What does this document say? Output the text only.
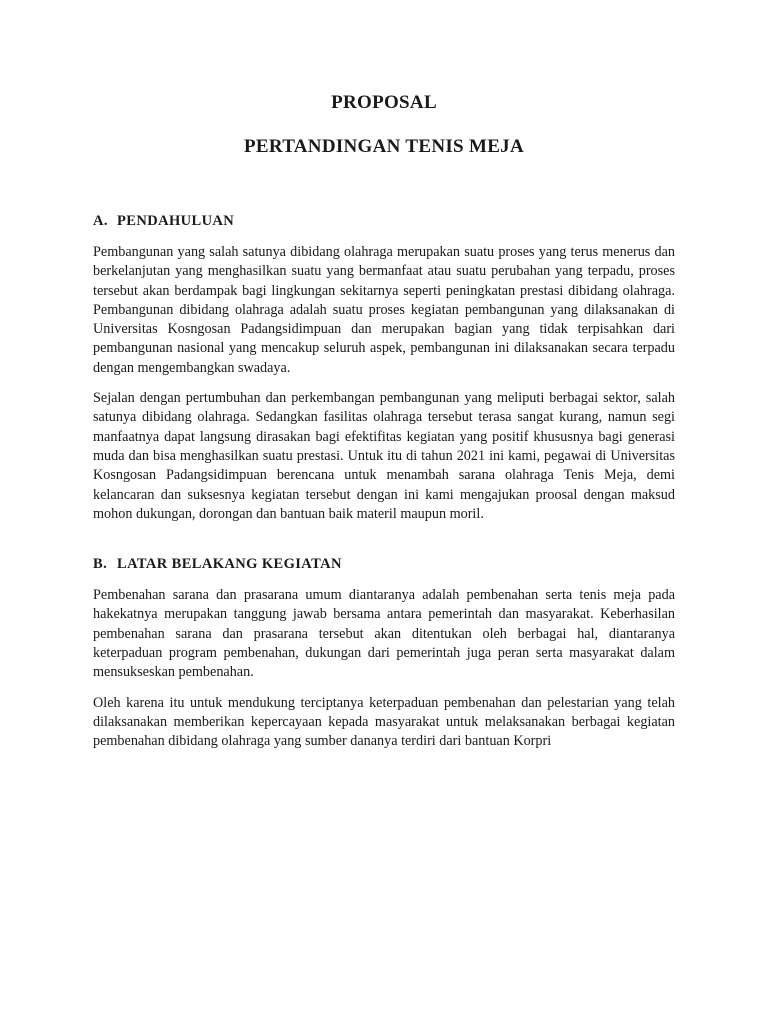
PROPOSAL
PERTANDINGAN TENIS MEJA
A. PENDAHULUAN

Pembangunan yang salah satunya dibidang olahraga merupakan suatu proses yang terus menerus dan berkelanjutan yang menghasilkan suatu yang bermanfaat atau suatu perubahan yang terpadu, proses tersebut akan berdampak bagi lingkungan sekitarnya seperti peningkatan prestasi dibidang olahraga. Pembangunan dibidang olahraga adalah suatu proses kegiatan pembangunan yang dilaksanakan di Universitas Kosngosan Padangsidimpuan dan merupakan bagian yang tidak terpisahkan dari pembangunan nasional yang mencakup seluruh aspek, pembangunan ini dilaksanakan secara terpadu dengan mengembangkan swadaya.

Sejalan dengan pertumbuhan dan perkembangan pembangunan yang meliputi berbagai sektor, salah satunya dibidang olahraga. Sedangkan fasilitas olahraga tersebut terasa sangat kurang, namun segi manfaatnya dapat langsung dirasakan bagi efektifitas kegiatan yang positif khususnya bagi generasi muda dan bisa menghasilkan suatu prestasi. Untuk itu di tahun 2021 ini kami, pegawai di Universitas Kosngosan Padangsidimpuan berencana untuk menambah sarana olahraga Tenis Meja, demi kelancaran dan suksesnya kegiatan tersebut dengan ini kami mengajukan proosal dengan maksud mohon dukungan, dorongan dan bantuan baik materil maupun moril.

B. LATAR BELAKANG KEGIATAN

Pembenahan sarana dan prasarana umum diantaranya adalah pembenahan serta tenis meja pada hakekatnya merupakan tanggung jawab bersama antara pemerintah dan masyarakat. Keberhasilan pembenahan sarana dan prasarana tersebut akan ditentukan oleh berbagai hal, diantaranya keterpaduan program pembenahan, dukungan dari pemerintah juga peran serta masyarakat dalam mensukseskan pembenahan.

Oleh karena itu untuk mendukung terciptanya keterpaduan pembenahan dan pelestarian yang telah dilaksanakan memberikan kepercayaan kepada masyarakat untuk melaksanakan berbagai kegiatan pembenahan dibidang olahraga yang sumber dananya terdiri dari bantuan Korpri
